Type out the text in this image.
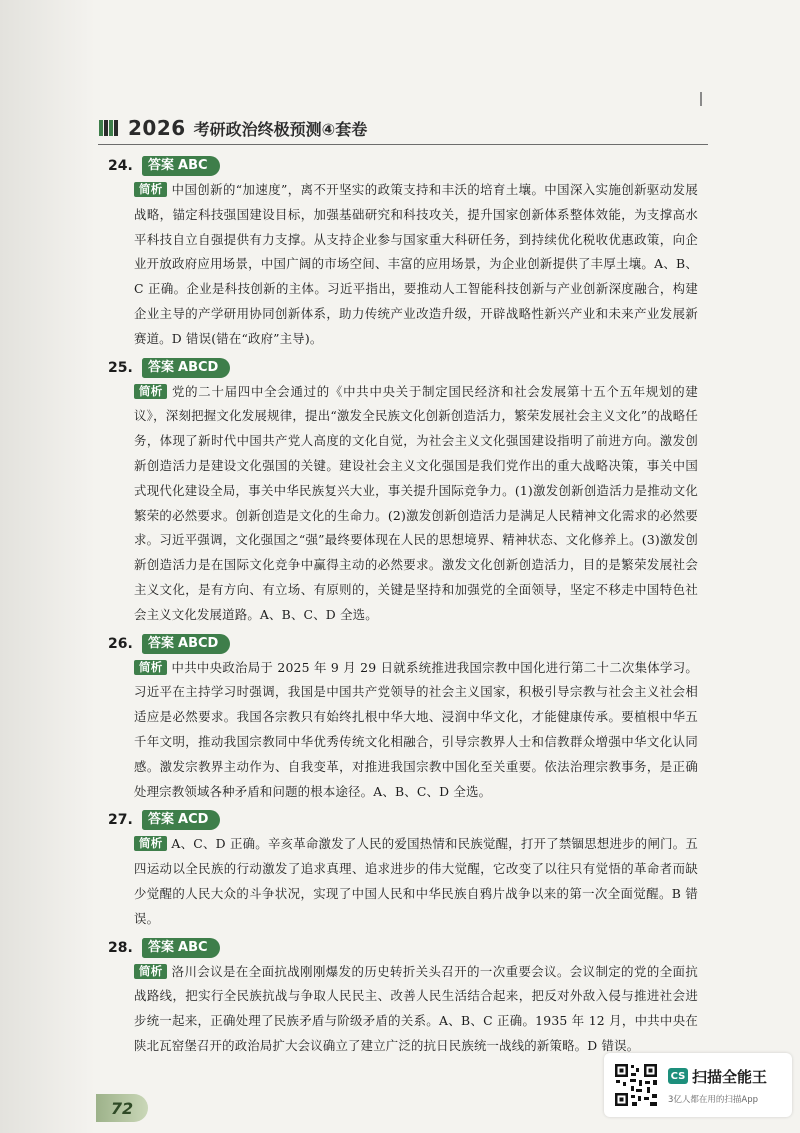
2026 考研政治终极预测④套卷
24.	答案 ABC
简析 中国创新的“加速度”，离不开坚实的政策支持和丰沃的培育土壤。中国深入实施创新驱动发展战略，锚定科技强国建设目标，加强基础研究和科技攻关，提升国家创新体系整体效能，为支撑高水平科技自立自强提供有力支撑。从支持企业参与国家重大科研任务，到持续优化税收优惠政策，向企业开放政府应用场景，中国广阔的市场空间、丰富的应用场景，为企业创新提供了丰厚土壤。A、B、C 正确。企业是科技创新的主体。习近平指出，要推动人工智能科技创新与产业创新深度融合，构建企业主导的产学研用协同创新体系，助力传统产业改造升级，开辟战略性新兴产业和未来产业发展新赛道。D 错误(错在“政府”主导)。
25.	答案 ABCD
简析 党的二十届四中全会通过的《中共中央关于制定国民经济和社会发展第十五个五年规划的建议》，深刻把握文化发展规律，提出“激发全民族文化创新创造活力，繁荣发展社会主义文化”的战略任务，体现了新时代中国共产党人高度的文化自觉，为社会主义文化强国建设指明了前进方向。激发创新创造活力是建设文化强国的关键。建设社会主义文化强国是我们党作出的重大战略决策，事关中国式现代化建设全局，事关中华民族复兴大业，事关提升国际竞争力。(1)激发创新创造活力是推动文化繁荣的必然要求。创新创造是文化的生命力。(2)激发创新创造活力是满足人民精神文化需求的必然要求。习近平强调，文化强国之“强”最终要体现在人民的思想境界、精神状态、文化修养上。(3)激发创新创造活力是在国际文化竞争中赢得主动的必然要求。激发文化创新创造活力，目的是繁荣发展社会主义文化，是有方向、有立场、有原则的，关键是坚持和加强党的全面领导，坚定不移走中国特色社会主义文化发展道路。A、B、C、D 全选。
26.	答案 ABCD
简析 中共中央政治局于 2025 年 9 月 29 日就系统推进我国宗教中国化进行第二十二次集体学习。习近平在主持学习时强调，我国是中国共产党领导的社会主义国家，积极引导宗教与社会主义社会相适应是必然要求。我国各宗教只有始终扎根中华大地、浸润中华文化，才能健康传承。要植根中华五千年文明，推动我国宗教同中华优秀传统文化相融合，引导宗教界人士和信教群众增强中华文化认同感。激发宗教界主动作为、自我变革，对推进我国宗教中国化至关重要。依法治理宗教事务，是正确处理宗教领域各种矛盾和问题的根本途径。A、B、C、D 全选。
27.	答案 ACD
简析 A、C、D 正确。辛亥革命激发了人民的爱国热情和民族觉醒，打开了禁锢思想进步的闸门。五四运动以全民族的行动激发了追求真理、追求进步的伟大觉醒，它改变了以往只有觉悟的革命者而缺少觉醒的人民大众的斗争状况，实现了中国人民和中华民族自鸦片战争以来的第一次全面觉醒。B 错误。
28.	答案 ABC
简析 洛川会议是在全面抗战刚刚爆发的历史转折关头召开的一次重要会议。会议制定的党的全面抗战路线，把实行全民族抗战与争取人民民主、改善人民生活结合起来，把反对外敌入侵与推进社会进步统一起来，正确处理了民族矛盾与阶级矛盾的关系。A、B、C 正确。1935 年 12 月，中共中央在陕北瓦窑堡召开的政治局扩大会议确立了建立广泛的抗日民族统一战线的新策略。D 错误。
72
CS 扫描全能王
3亿人都在用的扫描App
